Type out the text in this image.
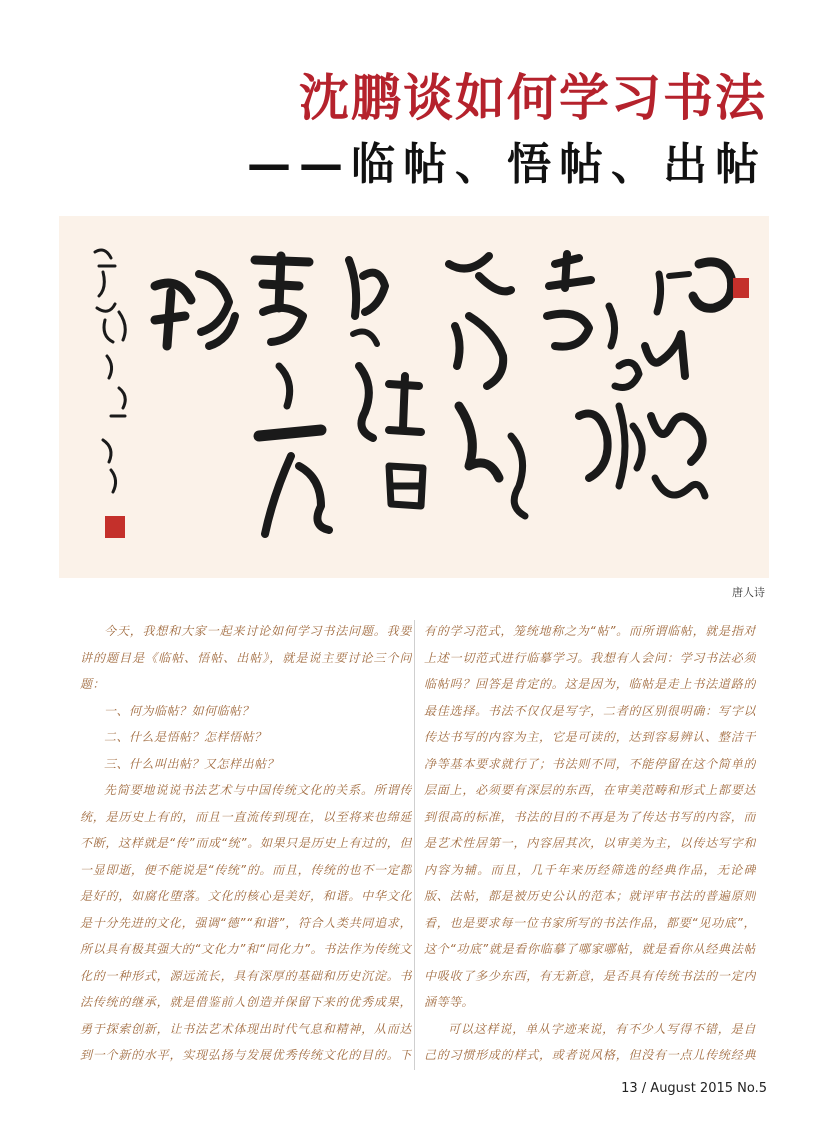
沈鹏谈如何学习书法
——临帖、悟帖、出帖

唐人诗

今天，我想和大家一起来讨论如何学习书法问题。我要讲的题目是《临帖、悟帖、出帖》，就是说主要讨论三个问题：

一、何为临帖？如何临帖？

二、什么是悟帖？怎样悟帖？

三、什么叫出帖？又怎样出帖？

先简要地说说书法艺术与中国传统文化的关系。所谓传统，是历史上有的，而且一直流传到现在，以至将来也绵延不断，这样就是“传”而成“统”。如果只是历史上有过的，但一显即逝，便不能说是“传统”的。而且，传统的也不一定都是好的，如腐化堕落。文化的核心是美好，和谐。中华文化是十分先进的文化，强调“德”“和谐”，符合人类共同追求，所以具有极其强大的“文化力”和“同化力”。书法作为传统文化的一种形式，源远流长，具有深厚的基础和历史沉淀。书法传统的继承，就是借鉴前人创造并保留下来的优秀成果，勇于探索创新，让书法艺术体现出时代气息和精神，从而达到一个新的水平，实现弘扬与发展优秀传统文化的目的。下

有的学习范式，笼统地称之为“帖”。而所谓临帖，就是指对上述一切范式进行临摹学习。我想有人会问：学习书法必须临帖吗？回答是肯定的。这是因为，临帖是走上书法道路的最佳选择。书法不仅仅是写字，二者的区别很明确：写字以传达书写的内容为主，它是可读的，达到容易辨认、整洁干净等基本要求就行了；书法则不同，不能停留在这个简单的层面上，必须要有深层的东西，在审美范畴和形式上都要达到很高的标准，书法的目的不再是为了传达书写的内容，而是艺术性居第一，内容居其次，以审美为主，以传达写字和内容为辅。而且，几千年来历经筛选的经典作品，无论碑版、法帖，都是被历史公认的范本；就评审书法的普遍原则看，也是要求每一位书家所写的书法作品，都要“见功底”，这个“功底”就是看你临摹了哪家哪帖，就是看你从经典法帖中吸收了多少东西，有无新意，是否具有传统书法的一定内涵等等。

可以这样说，单从字迹来说，有不少人写得不错，是自己的习惯形成的样式，或者说风格，但没有一点儿传统经典

13 / August 2015 No.5
